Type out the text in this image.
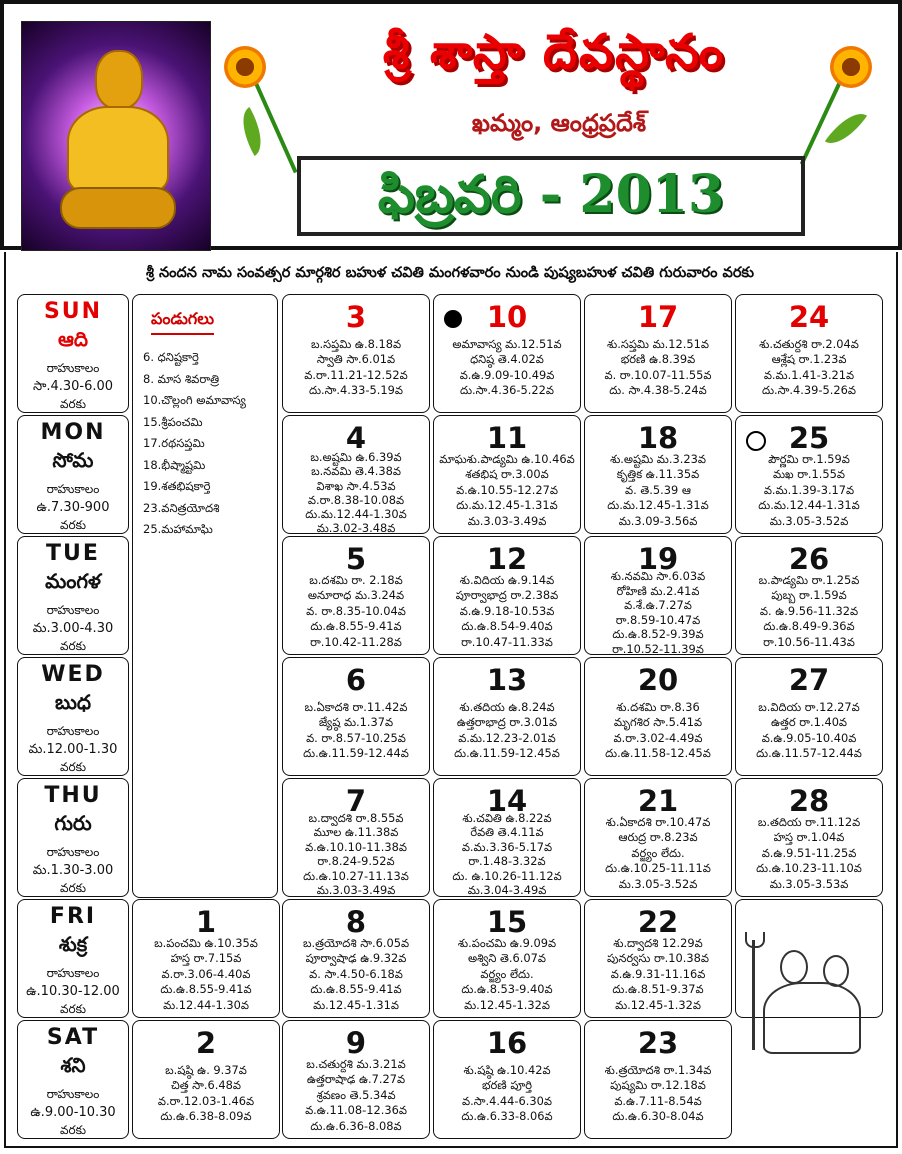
శ్రీ శాస్తా దేవస్థానం
ఖమ్మం, ఆంధ్రప్రదేశ్
ఫిబ్రవరి - 2013
శ్రీ నందన నామ సంవత్సర మార్గశిర బహుళ చవితి మంగళవారం నుండి పుష్యబహుళ చవితి గురువారం వరకు
SUN
ఆది
రాహుకాలం
సా.4.30-6.00
వరకు
MON
సోమ
రాహుకాలం
ఉ.7.30-900
వరకు
TUE
మంగళ
రాహుకాలం
మ.3.00-4.30
వరకు
WED
బుధ
రాహుకాలం
మ.12.00-1.30
వరకు
THU
గురు
రాహుకాలం
మ.1.30-3.00
వరకు
FRI
శుక్ర
రాహుకాలం
ఉ.10.30-12.00
వరకు
SAT
శని
రాహుకాలం
ఉ.9.00-10.30
వరకు
పండుగలు
6. ధనిష్టకార్తె
8. మాస శివరాత్రి
10.చొల్లంగి అమావాస్య
15.శ్రీపంచమి
17.రథసప్తమి
18.భీష్మాష్టమి
19.శతభిషకార్తె
23.వనిత్రయోదశి
25.మహామాఘి
3
బ.సప్తమి ఉ.8.18వ
స్వాతి సా.6.01వ
వ.రా.11.21-12.52వ
దు.సా.4.33-5.19వ
10
అమావాస్య మ.12.51వ
ధనిష్ఠ తె.4.02వ
వ.ఉ.9.09-10.49వ
దు.సా.4.36-5.22వ
17
శు.సప్తమి మ.12.51వ
భరణి ఉ.8.39వ
వ. రా.10.07-11.55వ
దు. సా.4.38-5.24వ
24
శు.చతుర్దశి రా.2.04వ
ఆశ్లేష రా.1.23వ
వ.మ.1.41-3.21వ
దు.సా.4.39-5.26వ
4
బ.అష్టమి ఉ.6.39వ
బ.నవమి తె.4.38వ
విశాఖ సా.4.53వ
వ.రా.8.38-10.08వ
దు.మ.12.44-1.30వ
మ.3.02-3.48వ
11
మాఘశు.పాడ్యమి ఉ.10.46వ
శతభిష రా.3.00వ
వ.ఉ.10.55-12.27వ
దు.మ.12.45-1.31వ
మ.3.03-3.49వ
18
శు.అష్టమి మ.3.23వ
కృత్తిక ఉ.11.35వ
వ. తె.5.39 ఆ
దు.మ.12.45-1.31వ
మ.3.09-3.56వ
25
పౌర్ణమి రా.1.59వ
మఖ రా.1.55వ
వ.మ.1.39-3.17వ
దు.మ.12.44-1.31వ
మ.3.05-3.52వ
5
బ.దశమి రా. 2.18వ
అనూరాధ మ.3.24వ
వ. రా.8.35-10.04వ
దు.ఉ.8.55-9.41వ
రా.10.42-11.28వ
12
శు.విదియ ఉ.9.14వ
పూర్వాభాద్ర రా.2.38వ
వ.ఉ.9.18-10.53వ
దు.ఉ.8.54-9.40వ
రా.10.47-11.33వ
19
శు.నవమి సా.6.03వ
రోహిణి మ.2.41వ
వ.శే.ఉ.7.27వ
రా.8.59-10.47వ
దు.ఉ.8.52-9.39వ
రా.10.52-11.39వ
26
బ.పాడ్యమి రా.1.25వ
పుబ్బ రా.1.59వ
వ. ఉ.9.56-11.32వ
దు.ఉ.8.49-9.36వ
రా.10.56-11.43వ
6
బ.ఏకాదశి రా.11.42వ
జ్యేష్ఠ మ.1.37వ
వ. రా.8.57-10.25వ
దు.ఉ.11.59-12.44వ
13
శు.తదియ ఉ.8.24వ
ఉత్తరాభాద్ర రా.3.01వ
వ.మ.12.23-2.01వ
దు.ఉ.11.59-12.45వ
20
శు.దశమి రా.8.36
మృగశిర సా.5.41వ
వ.రా.3.02-4.49వ
దు.ఉ.11.58-12.45వ
27
బ.విదియ రా.12.27వ
ఉత్తర రా.1.40వ
వ.ఉ.9.05-10.40వ
దు.ఉ.11.57-12.44వ
7
బ.ద్వాదశి రా.8.55వ
మూల ఉ.11.38వ
వ.ఉ.10.10-11.38వ
రా.8.24-9.52వ
దు.ఉ.10.27-11.13వ
మ.3.03-3.49వ
14
శు.చవితి ఉ.8.22వ
రేవతి తె.4.11వ
వ.మ.3.36-5.17వ
రా.1.48-3.32వ
దు. ఉ.10.26-11.12వ
మ.3.04-3.49వ
21
శు.ఏకాదశి రా.10.47వ
ఆరుద్ర రా.8.23వ
వర్జ్యం లేదు.
దు.ఉ.10.25-11.11వ
మ.3.05-3.52వ
28
బ.తదియ రా.11.12వ
హస్త రా.1.04వ
వ.ఉ.9.51-11.25వ
దు.ఉ.10.23-11.10వ
మ.3.05-3.53వ
1
బ.పంచమి ఉ.10.35వ
హస్త రా.7.15వ
వ.రా.3.06-4.40వ
దు.ఉ.8.55-9.41వ
మ.12.44-1.30వ
8
బ.త్రయోదశి సా.6.05వ
పూర్వాషాఢ ఉ.9.32వ
వ. సా.4.50-6.18వ
దు.ఉ.8.55-9.41వ
మ.12.45-1.31వ
15
శు.పంచమి ఉ.9.09వ
అశ్విని తె.6.07వ
వర్జ్యం లేదు.
దు.ఉ.8.53-9.40వ
మ.12.45-1.32వ
22
శు.ద్వాదశి 12.29వ
పునర్వసు రా.10.38వ
వ.ఉ.9.31-11.16వ
దు.ఉ.8.51-9.37వ
మ.12.45-1.32వ
2
బ.షష్ఠి ఉ. 9.37వ
చిత్త సా.6.48వ
వ.రా.12.03-1.46వ
దు.ఉ.6.38-8.09వ
9
బ.చతుర్దశి మ.3.21వ
ఉత్తరాషాఢ ఉ.7.27వ
శ్రవణం తె.5.34వ
వ.ఉ.11.08-12.36వ
దు.ఉ.6.36-8.08వ
16
శు.షష్ఠి ఉ.10.42వ
భరణి పూర్తి
వ.సా.4.44-6.30వ
దు.ఉ.6.33-8.06వ
23
శు.త్రయోదశి రా.1.34వ
పుష్యమి రా.12.18వ
వ.ఉ.7.11-8.54వ
దు.ఉ.6.30-8.04వ
